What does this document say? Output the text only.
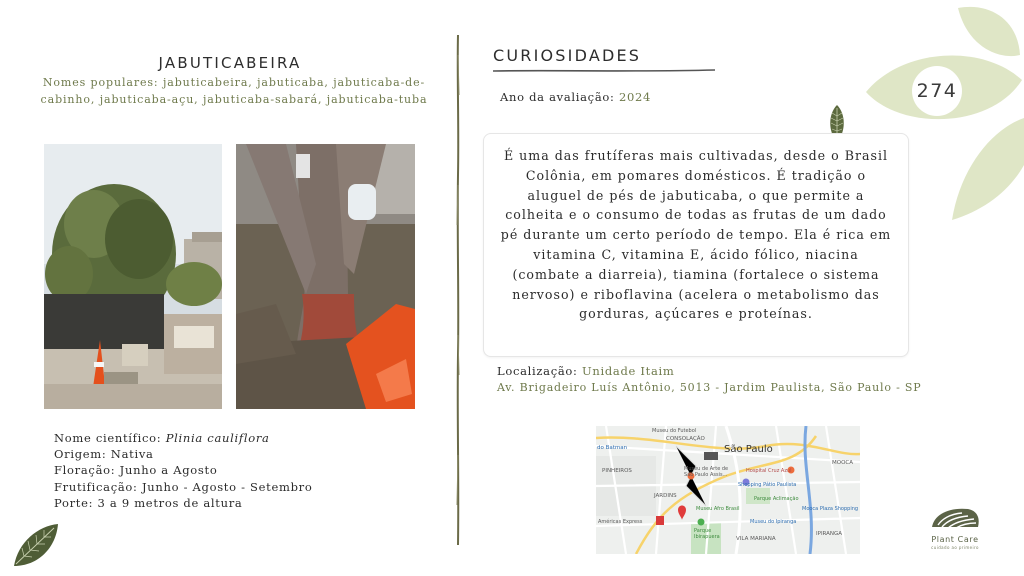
274
JABUTICABEIRA
Nomes populares: jabuticabeira, jabuticaba, jabuticaba-de-cabinho, jabuticaba-açu, jabuticaba-sabará, jabuticaba-tuba
Nome científico: Plinia cauliflora
Origem: Nativa
Floração: Junho a Agosto
Frutificação: Junho - Agosto - Setembro
Porte: 3 a 9 metros de altura
CURIOSIDADES
Ano da avaliação: 2024
É uma das frutíferas mais cultivadas, desde o Brasil Colônia, em pomares domésticos. É tradição o aluguel de pés de jabuticaba, o que permite a colheita e o consumo de todas as frutas de um dado pé durante um certo período de tempo. Ela é rica em vitamina C, vitamina E, ácido fólico, niacina (combate a diarreia), tiamina (fortalece o sistema nervoso) e riboflavina (acelera o metabolismo das gorduras, açúcares e proteínas.
Localização: Unidade Itaim
Av. Brigadeiro Luís Antônio, 5013 - Jardim Paulista, São Paulo - SP
Museu do Futebol
CONSOLAÇÃO
do Batman	São Paulo
PINHEIROS	Museu de Arte de São Paulo Assis...
Hospital Cruz Azul
MOOCA
JARDINS
Shopping Pátio Paulista
Parque Aclimação
Museu Afro Brasil	Mooca Plaza Shopping
Américas Express	Museu do Ipiranga
Parque Ibirapuera	VILA MARIANA
IPIRANGA
Plant Care
cuidado ao primeiro
